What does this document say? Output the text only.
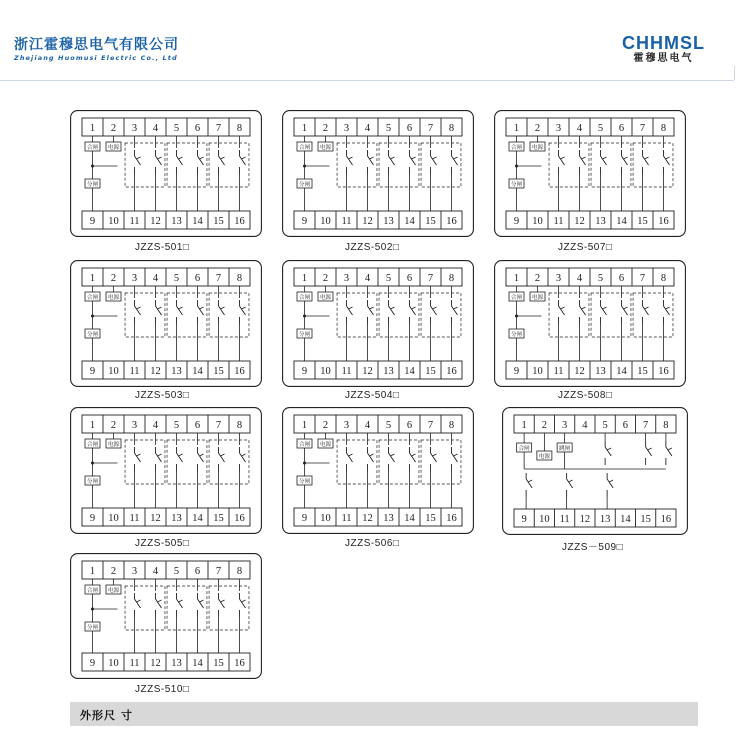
浙江霍穆思电气有限公司
Zhejiang Huomusi Electric Co., Ltd
CHHMSL
霍穆思电气
1 2 3 4 5 6 7 8
9 10 11 12 13 14 15 16
合闸 电源
分闸
JZZS-501□
1 2 3 4 5 6 7 8
9 10 11 12 13 14 15 16
合闸 电源
分闸
JZZS-502□
1 2 3 4 5 6 7 8
9 10 11 12 13 14 15 16
合闸 电源
分闸
JZZS-507□
1 2 3 4 5 6 7 8
9 10 11 12 13 14 15 16
合闸 电源
分闸
JZZS-503□
1 2 3 4 5 6 7 8
9 10 11 12 13 14 15 16
合闸 电源
分闸
JZZS-504□
1 2 3 4 5 6 7 8
9 10 11 12 13 14 15 16
合闸 电源
分闸
JZZS-508□
1 2 3 4 5 6 7 8
9 10 11 12 13 14 15 16
合闸 电源
分闸
JZZS-505□
1 2 3 4 5 6 7 8
9 10 11 12 13 14 15 16
合闸 电源
分闸
JZZS-506□
1 2 3 4 5 6 7 8
9 10 11 12 13 14 15 16
合闸
电源
跳闸
JZZS－509□
1 2 3 4 5 6 7 8
9 10 11 12 13 14 15 16
合闸 电源
分闸
JZZS-510□
外形尺 寸
